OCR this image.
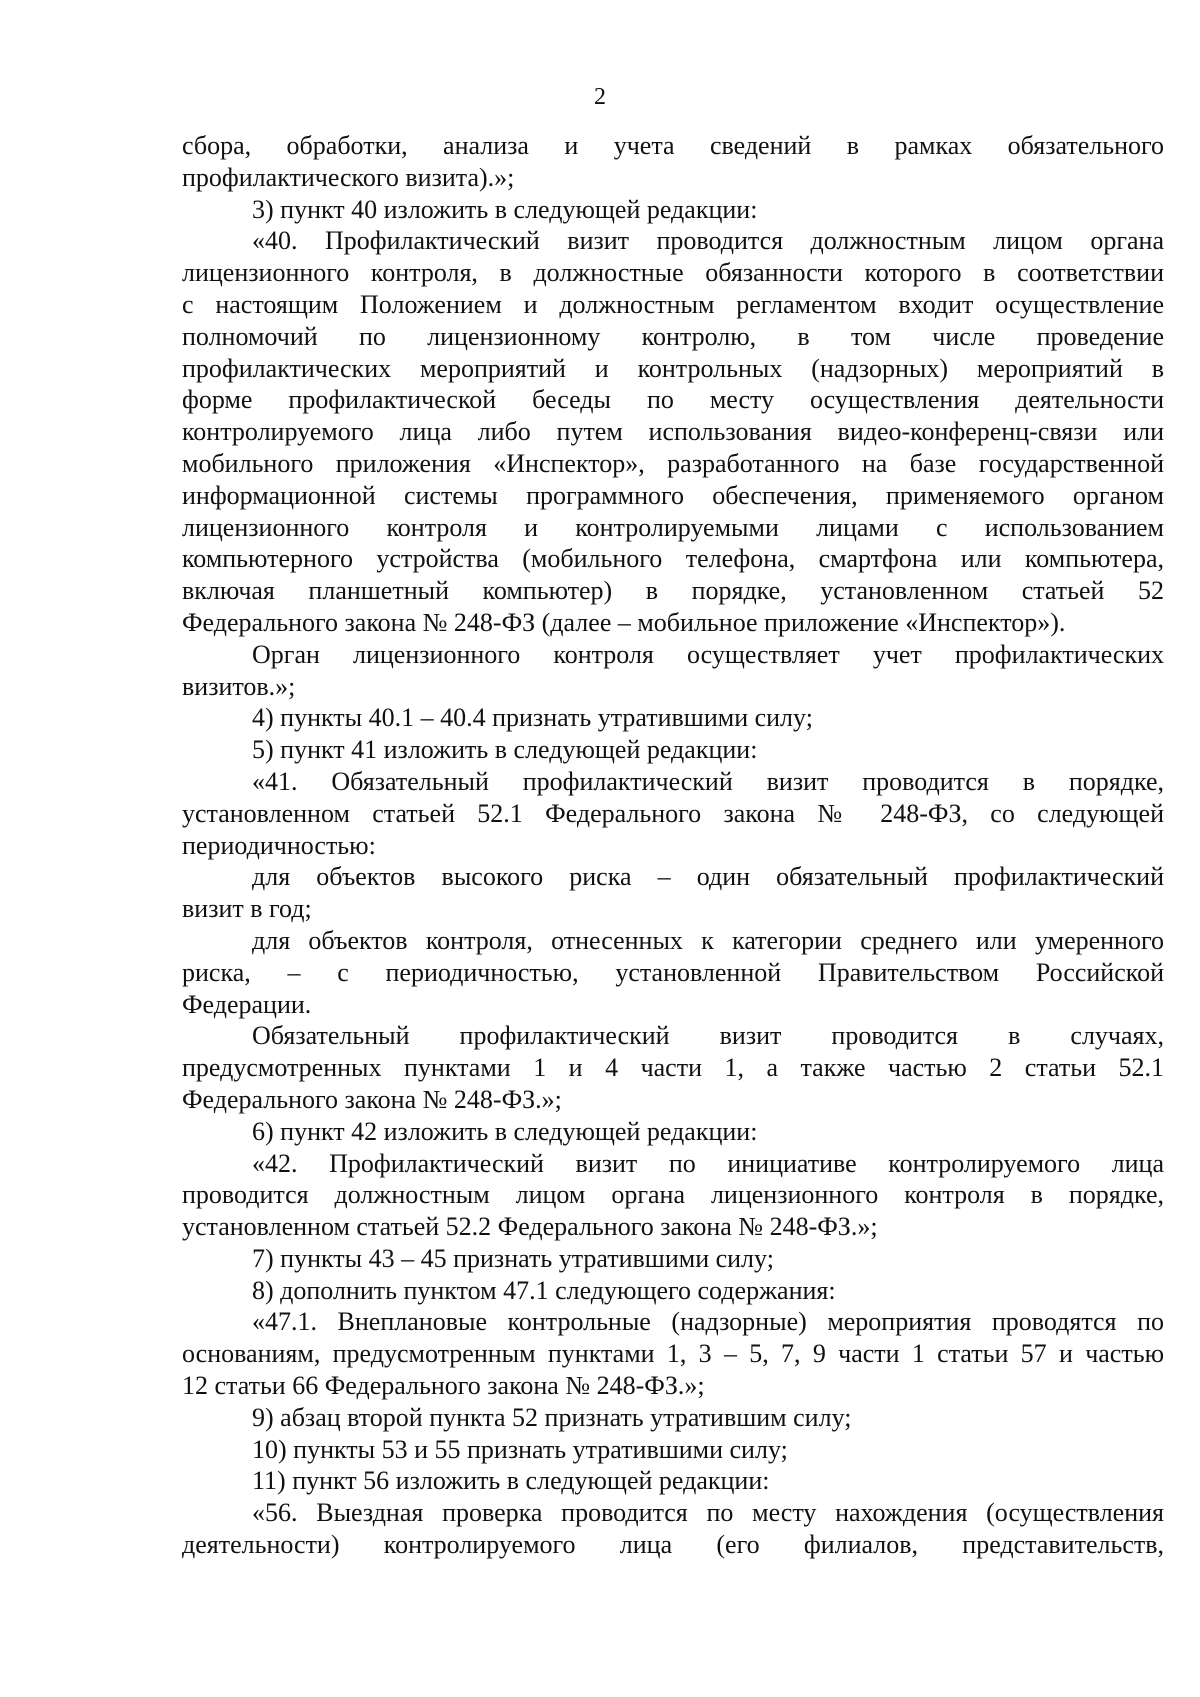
2
сбора, обработки, анализа и учета сведений в рамках обязательного
профилактического визита).»;
3) пункт 40 изложить в следующей редакции:
«40. Профилактический визит проводится должностным лицом органа
лицензионного контроля, в должностные обязанности которого в соответствии
с настоящим Положением и должностным регламентом входит осуществление
полномочий по лицензионному контролю, в том числе проведение
профилактических мероприятий и контрольных (надзорных) мероприятий в
форме профилактической беседы по месту осуществления деятельности
контролируемого лица либо путем использования видео-конференц-связи или
мобильного приложения «Инспектор», разработанного на базе государственной
информационной системы программного обеспечения, применяемого органом
лицензионного контроля и контролируемыми лицами с использованием
компьютерного устройства (мобильного телефона, смартфона или компьютера,
включая планшетный компьютер) в порядке, установленном статьей 52
Федерального закона № 248-ФЗ (далее – мобильное приложение «Инспектор»).
Орган лицензионного контроля осуществляет учет профилактических
визитов.»;
4) пункты 40.1 – 40.4 признать утратившими силу;
5) пункт 41 изложить в следующей редакции:
«41. Обязательный профилактический визит проводится в порядке,
установленном статьей 52.1 Федерального закона № 248-ФЗ, со следующей
периодичностью:
для объектов высокого риска – один обязательный профилактический
визит в год;
для объектов контроля, отнесенных к категории среднего или умеренного
риска, – с периодичностью, установленной Правительством Российской
Федерации.
Обязательный профилактический визит проводится в случаях,
предусмотренных пунктами 1 и 4 части 1, а также частью 2 статьи 52.1
Федерального закона № 248-ФЗ.»;
6) пункт 42 изложить в следующей редакции:
«42. Профилактический визит по инициативе контролируемого лица
проводится должностным лицом органа лицензионного контроля в порядке,
установленном статьей 52.2 Федерального закона № 248-ФЗ.»;
7) пункты 43 – 45 признать утратившими силу;
8) дополнить пунктом 47.1 следующего содержания:
«47.1. Внеплановые контрольные (надзорные) мероприятия проводятся по
основаниям, предусмотренным пунктами 1, 3 – 5, 7, 9 части 1 статьи 57 и частью
12 статьи 66 Федерального закона № 248-ФЗ.»;
9) абзац второй пункта 52 признать утратившим силу;
10) пункты 53 и 55 признать утратившими силу;
11) пункт 56 изложить в следующей редакции:
«56. Выездная проверка проводится по месту нахождения (осуществления
деятельности) контролируемого лица (его филиалов, представительств,
